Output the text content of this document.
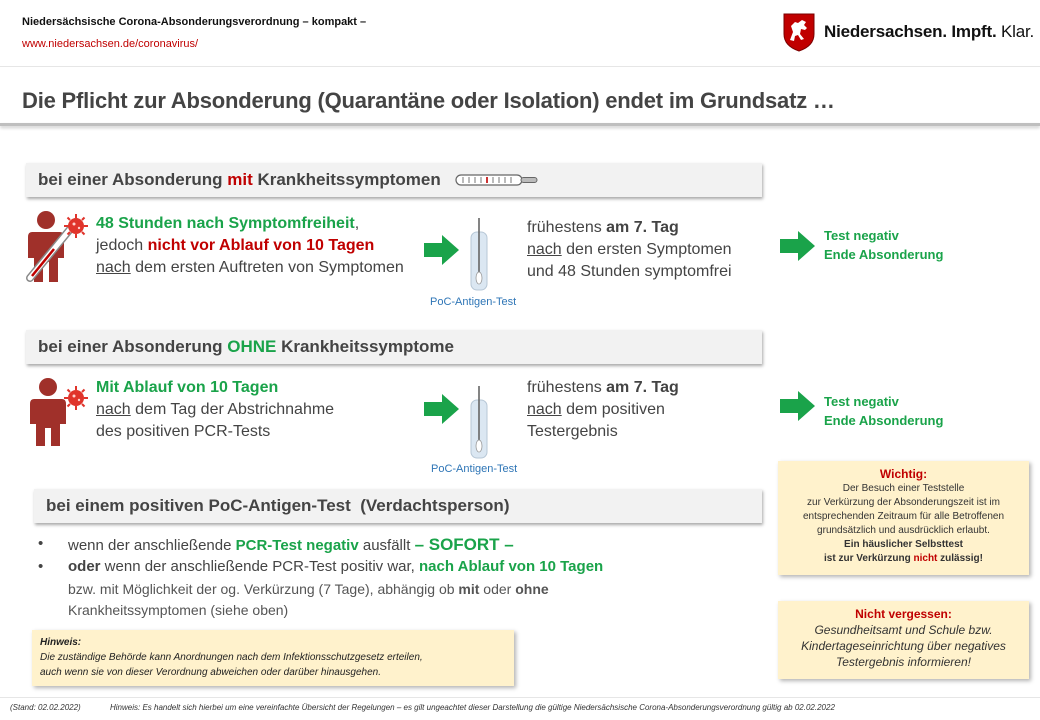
Niedersächsische Corona-Absonderungsverordnung – kompakt –
www.niedersachsen.de/coronavirus/
Niedersachsen. Impft. Klar.
Die Pflicht zur Absonderung (Quarantäne oder Isolation) endet im Grundsatz …
bei einer Absonderung mit Krankheitssymptomen
48 Stunden nach Symptomfreiheit,
jedoch nicht vor Ablauf von 10 Tagen
nach dem ersten Auftreten von Symptomen
PoC-Antigen-Test
frühestens am 7. Tag
nach den ersten Symptomen
und 48 Stunden symptomfrei
Test negativ
Ende Absonderung
bei einer Absonderung OHNE Krankheitssymptome
Mit Ablauf von 10 Tagen
nach dem Tag der Abstrichnahme
des positiven PCR-Tests
PoC-Antigen-Test
frühestens am 7. Tag
nach dem positiven
Testergebnis
Test negativ
Ende Absonderung
Wichtig:
Der Besuch einer Teststelle
zur Verkürzung der Absonderungszeit ist im
entsprechenden Zeitraum für alle Betroffenen
grundsätzlich und ausdrücklich erlaubt.
Ein häuslicher Selbsttest
ist zur Verkürzung nicht zulässig!
bei einem positiven PoC-Antigen-Test  (Verdachtsperson)
•	wenn der anschließende PCR-Test negativ ausfällt – SOFORT –
•	oder wenn der anschließende PCR-Test positiv war, nach Ablauf von 10 Tagen
bzw. mit Möglichkeit der og. Verkürzung (7 Tage), abhängig ob mit oder ohne
Krankheitssymptomen (siehe oben)	Nicht vergessen:
Gesundheitsamt und Schule bzw.
Kindertageseinrichtung über negatives
Testergebnis informieren!
Hinweis:
Die zuständige Behörde kann Anordnungen nach dem Infektionsschutzgesetz erteilen,
auch wenn sie von dieser Verordnung abweichen oder darüber hinausgehen.
(Stand: 02.02.2022)	Hinweis: Es handelt sich hierbei um eine vereinfachte Übersicht der Regelungen – es gilt ungeachtet dieser Darstellung die gültige Niedersächsische Corona-Absonderungsverordnung gültig ab 02.02.2022
